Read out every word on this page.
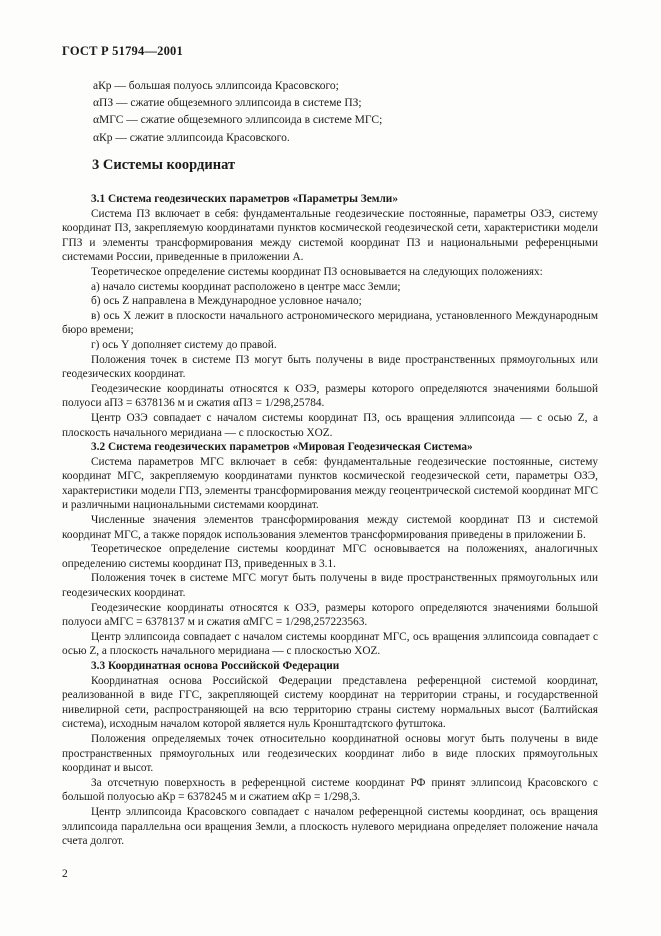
ГОСТ Р 51794—2001
aКр — большая полуось эллипсоида Красовского;
αПЗ — сжатие общеземного эллипсоида в системе ПЗ;
αМГС — сжатие общеземного эллипсоида в системе МГС;
αКр — сжатие эллипсоида Красовского.
3 Системы координат
3.1 Система геодезических параметров «Параметры Земли»

Система ПЗ включает в себя: фундаментальные геодезические постоянные, параметры ОЗЭ, систему координат ПЗ, закрепляемую координатами пунктов космической геодезической сети, характеристики модели ГПЗ и элементы трансформирования между системой координат ПЗ и национальными референцными системами России, приведенные в приложении А.

Теоретическое определение системы координат ПЗ основывается на следующих положениях:

а) начало системы координат расположено в центре масс Земли;

б) ось Z направлена в Международное условное начало;

в) ось X лежит в плоскости начального астрономического меридиана, установленного Международным бюро времени;

г) ось Y дополняет систему до правой.

Положения точек в системе ПЗ могут быть получены в виде пространственных прямоугольных или геодезических координат.

Геодезические координаты относятся к ОЗЭ, размеры которого определяются значениями большой полуоси aПЗ = 6378136 м и сжатия αПЗ = 1/298,25784.

Центр ОЗЭ совпадает с началом системы координат ПЗ, ось вращения эллипсоида — с осью Z, а плоскость начального меридиана — с плоскостью XOZ.

3.2 Система геодезических параметров «Мировая Геодезическая Система»

Система параметров МГС включает в себя: фундаментальные геодезические постоянные, систему координат МГС, закрепляемую координатами пунктов космической геодезической сети, параметры ОЗЭ, характеристики модели ГПЗ, элементы трансформирования между геоцентрической системой координат МГС и различными национальными системами координат.

Численные значения элементов трансформирования между системой координат ПЗ и системой координат МГС, а также порядок использования элементов трансформирования приведены в приложении Б.

Теоретическое определение системы координат МГС основывается на положениях, аналогичных определению системы координат ПЗ, приведенных в 3.1.

Положения точек в системе МГС могут быть получены в виде пространственных прямоугольных или геодезических координат.

Геодезические координаты относятся к ОЗЭ, размеры которого определяются значениями большой полуоси aМГС = 6378137 м и сжатия αМГС = 1/298,257223563.

Центр эллипсоида совпадает с началом системы координат МГС, ось вращения эллипсоида совпадает с осью Z, а плоскость начального меридиана — с плоскостью XOZ.

3.3 Координатная основа Российской Федерации

Координатная основа Российской Федерации представлена референцной системой координат, реализованной в виде ГГС, закрепляющей систему координат на территории страны, и государственной нивелирной сети, распространяющей на всю территорию страны систему нормальных высот (Балтийская система), исходным началом которой является нуль Кронштадтского футштока.

Положения определяемых точек относительно координатной основы могут быть получены в виде пространственных прямоугольных или геодезических координат либо в виде плоских прямоугольных координат и высот.

За отсчетную поверхность в референцной системе координат РФ принят эллипсоид Красовского с большой полуосью aКр = 6378245 м и сжатием αКр = 1/298,3.

Центр эллипсоида Красовского совпадает с началом референцной системы координат, ось вращения эллипсоида параллельна оси вращения Земли, а плоскость нулевого меридиана определяет положение начала счета долгот.

2
